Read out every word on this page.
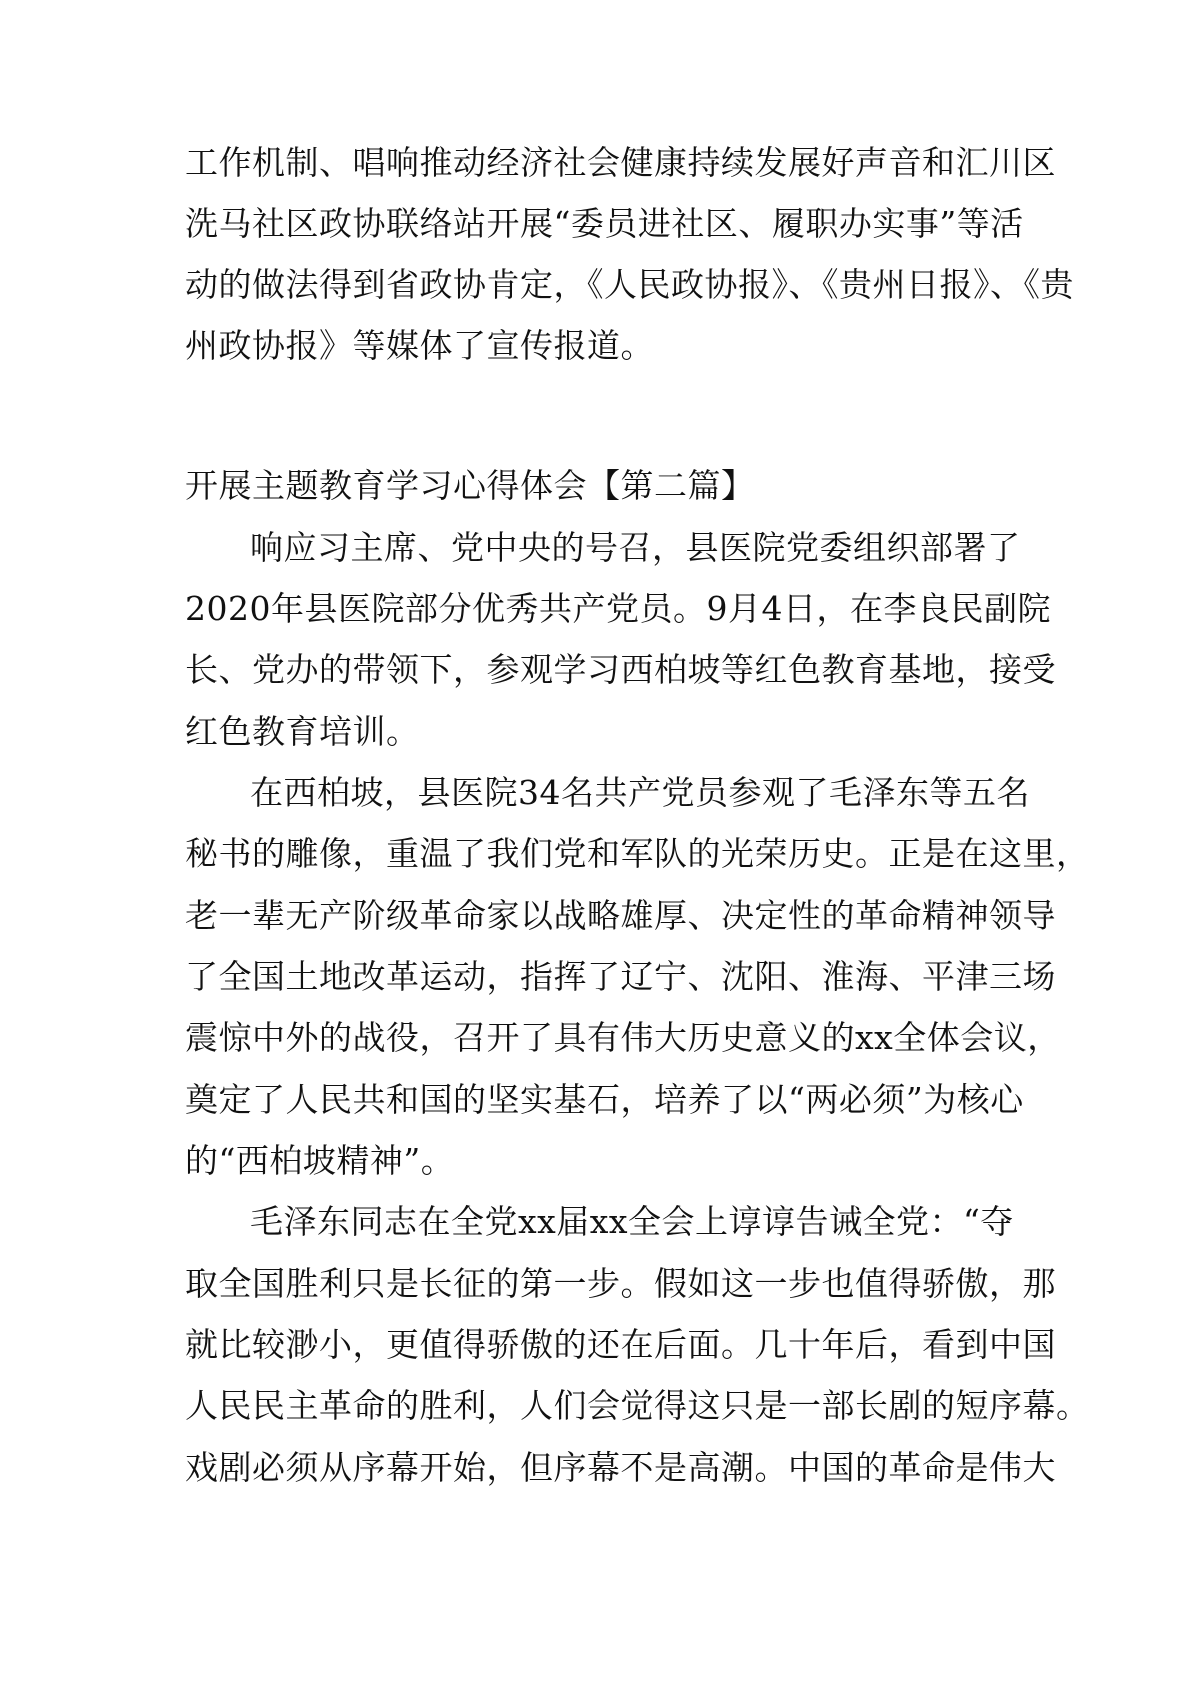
工作机制、唱响推动经济社会健康持续发展好声音和汇川区
洗马社区政协联络站开展“委员进社区、履职办实事”等活
动的做法得到省政协肯定，《人民政协报》、《贵州日报》、《贵
州政协报》等媒体了宣传报道。
开展主题教育学习心得体会【第二篇】
响应习主席、党中央的号召，县医院党委组织部署了
2020年县医院部分优秀共产党员。9月4日，在李良民副院
长、党办的带领下，参观学习西柏坡等红色教育基地，接受
红色教育培训。
在西柏坡，县医院34名共产党员参观了毛泽东等五名
秘书的雕像，重温了我们党和军队的光荣历史。正是在这里，
老一辈无产阶级革命家以战略雄厚、决定性的革命精神领导
了全国土地改革运动，指挥了辽宁、沈阳、淮海、平津三场
震惊中外的战役，召开了具有伟大历史意义的xx全体会议，
奠定了人民共和国的坚实基石，培养了以“两必须”为核心
的“西柏坡精神”。
毛泽东同志在全党xx届xx全会上谆谆告诫全党：“夺
取全国胜利只是长征的第一步。假如这一步也值得骄傲，那
就比较渺小，更值得骄傲的还在后面。几十年后，看到中国
人民民主革命的胜利，人们会觉得这只是一部长剧的短序幕。
戏剧必须从序幕开始，但序幕不是高潮。中国的革命是伟大
